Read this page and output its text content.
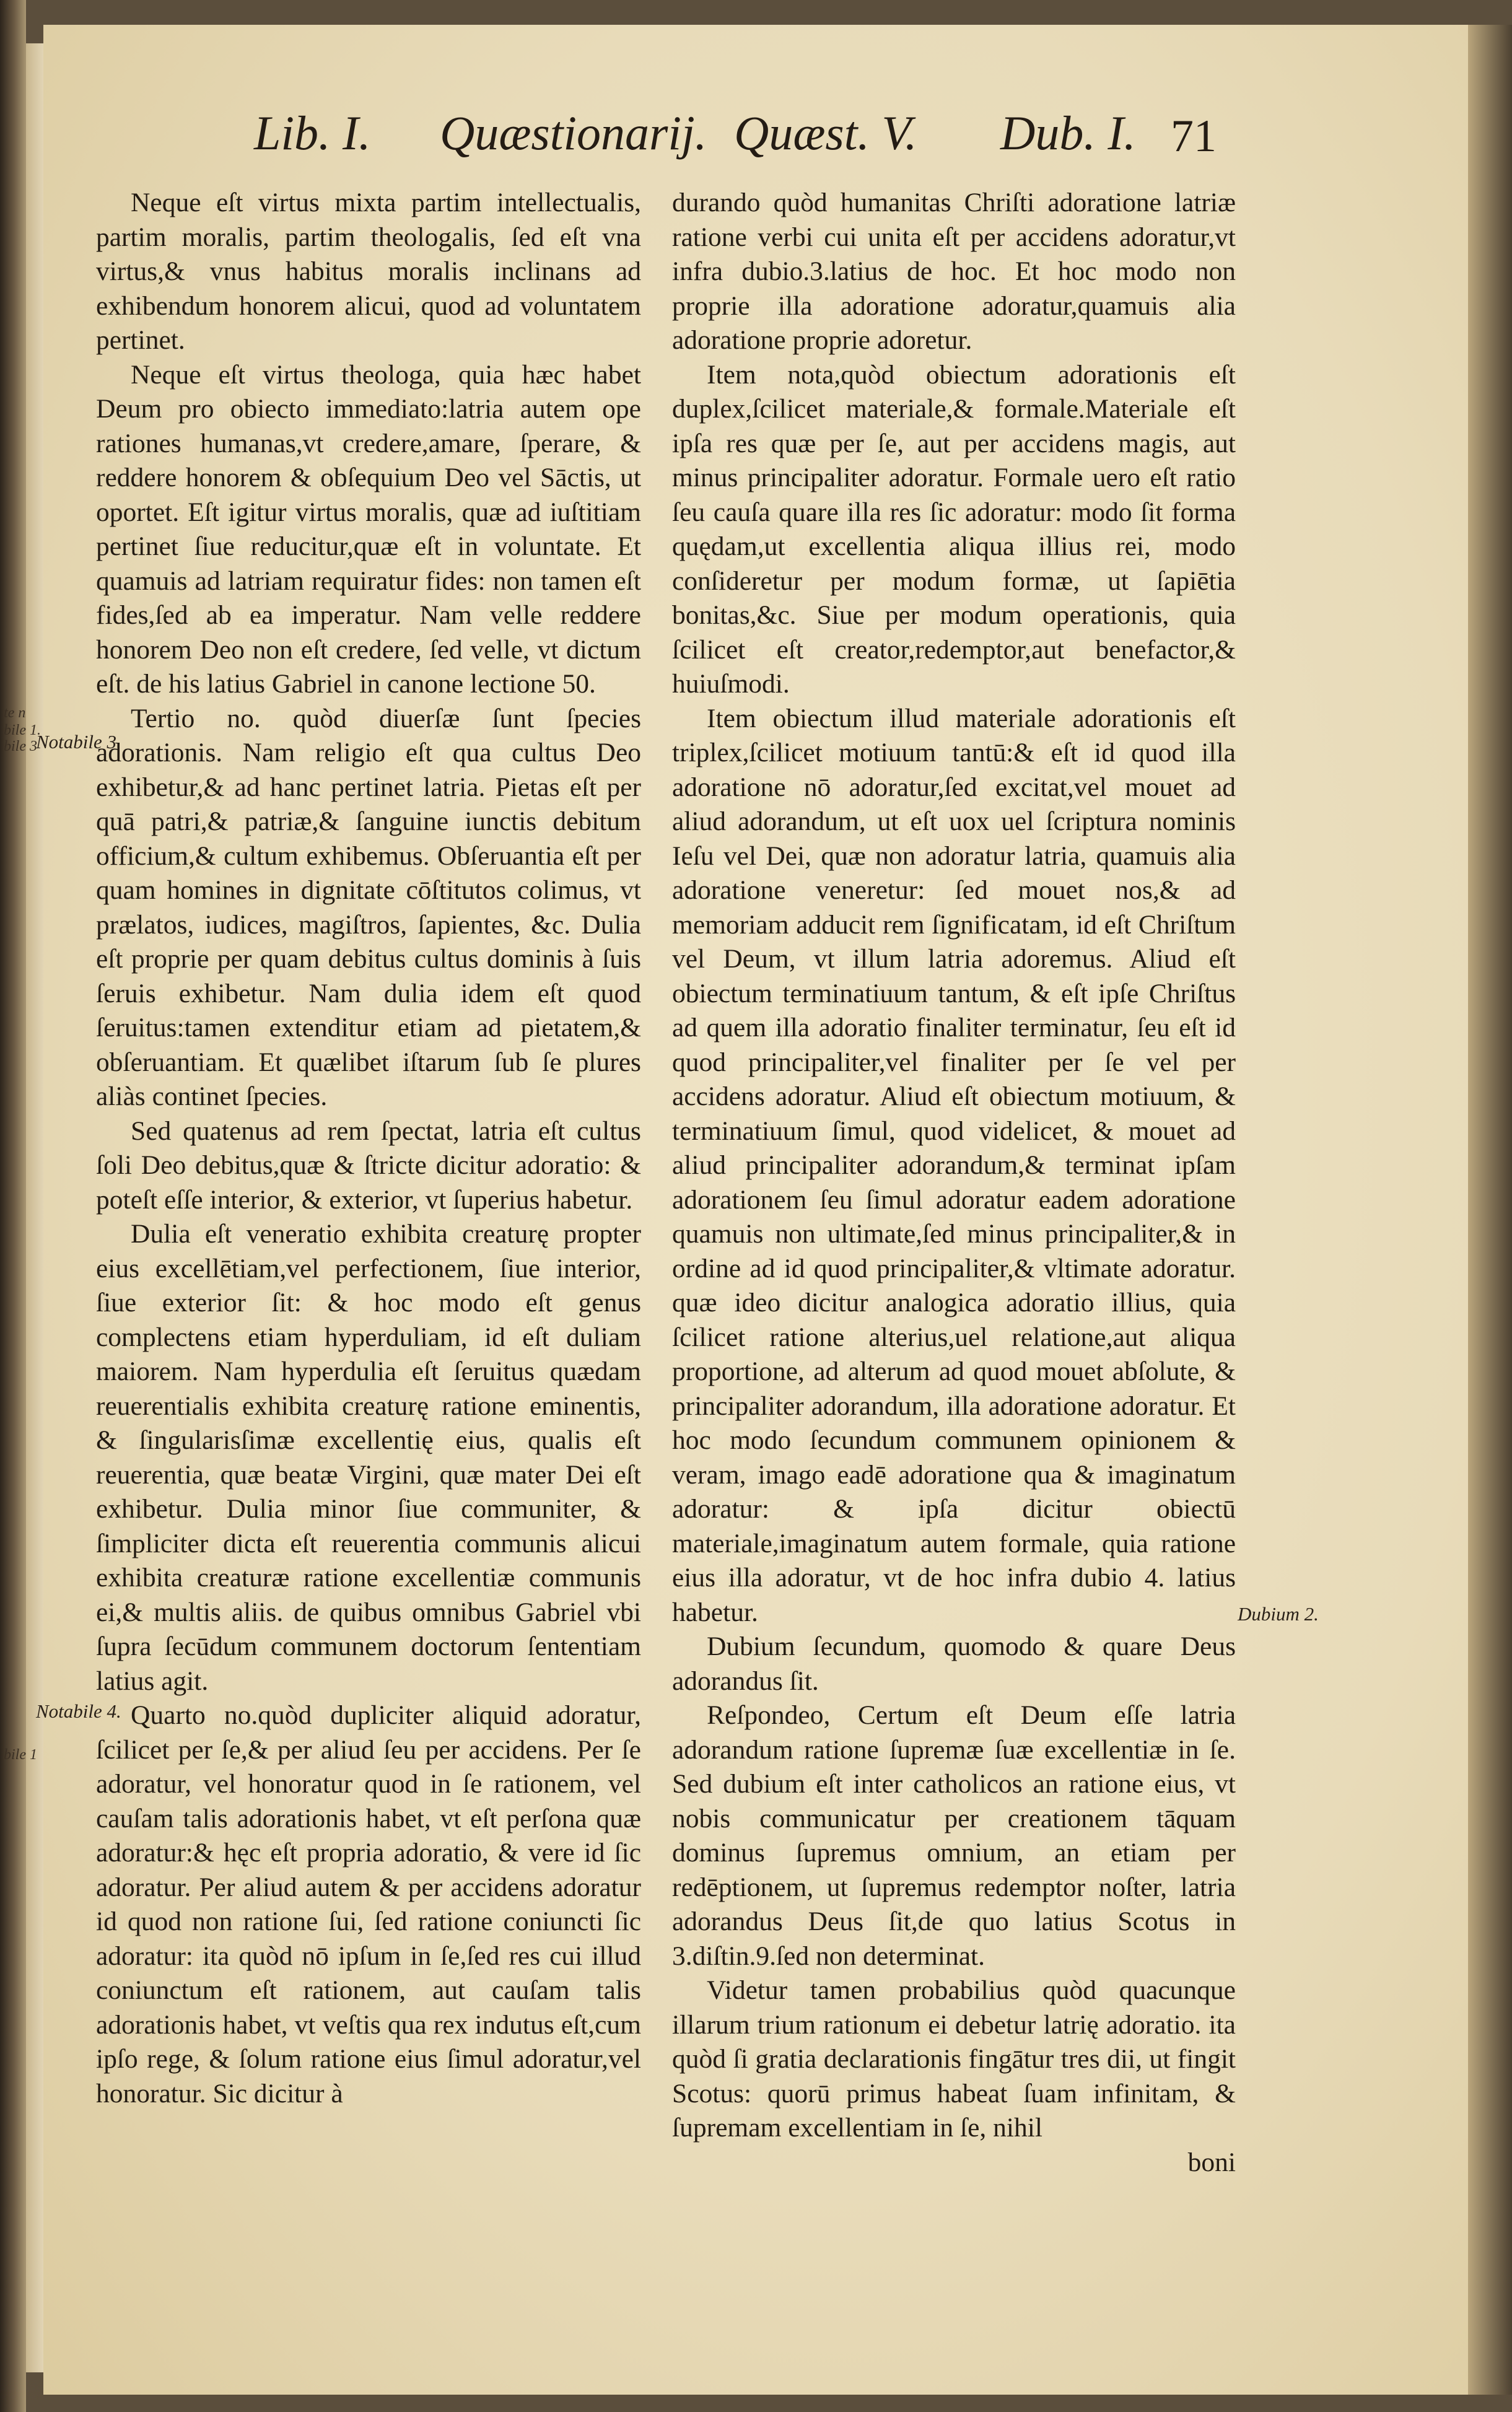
te n
bile 1.
bile 3
bile 1
Lib. I. Quæstionarij. Quæst. V. Dub. I. 71

Neque eſt virtus mixta partim intellectualis, partim moralis, partim theologalis, ſed eſt vna virtus,& vnus habitus moralis inclinans ad exhibendum honorem alicui, quod ad voluntatem pertinet.

Neque eſt virtus theologa, quia hæc habet Deum pro obiecto immediato:latria autem ope rationes humanas,vt credere,amare, ſperare, & reddere honorem & obſequium Deo vel Sāctis, ut oportet. Eſt igitur virtus moralis, quæ ad iuſtitiam pertinet ſiue reducitur,quæ eſt in voluntate. Et quamuis ad latriam requiratur fides: non tamen eſt fides,ſed ab ea imperatur. Nam velle reddere honorem Deo non eſt credere, ſed velle, vt dictum eſt. de his latius Gabriel in canone lectione 50.

Tertio no. quòd diuerſæ ſunt ſpecies adorationis. Nam religio eſt qua cultus Deo exhibetur,& ad hanc pertinet latria. Pietas eſt per quā patri,& patriæ,& ſanguine iunctis debitum officium,& cultum exhibemus. Obſeruantia eſt per quam homines in dignitate cōſtitutos colimus, vt prælatos, iudices, magiſtros, ſapientes, &c. Dulia eſt proprie per quam debitus cultus dominis à ſuis ſeruis exhibetur. Nam dulia idem eſt quod ſeruitus:tamen extenditur etiam ad pietatem,& obſeruantiam. Et quælibet iſtarum ſub ſe plures aliàs continet ſpecies.

Sed quatenus ad rem ſpectat, latria eſt cultus ſoli Deo debitus,quæ & ſtricte dicitur adoratio: & poteſt eſſe interior, & exterior, vt ſuperius habetur.

Dulia eſt veneratio exhibita creaturę propter eius excellētiam,vel perfectionem, ſiue interior, ſiue exterior ſit: & hoc modo eſt genus complectens etiam hyperduliam, id eſt duliam maiorem. Nam hyperdulia eſt ſeruitus quædam reuerentialis exhibita creaturę ratione eminentis, & ſingularisſimæ excellentię eius, qualis eſt reuerentia, quæ beatæ Virgini, quæ mater Dei eſt exhibetur. Dulia minor ſiue communiter, & ſimpliciter dicta eſt reuerentia communis alicui exhibita creaturæ ratione excellentiæ communis ei,& multis aliis. de quibus omnibus Gabriel vbi ſupra ſecūdum communem doctorum ſententiam latius agit.

Quarto no.quòd dupliciter aliquid adoratur, ſcilicet per ſe,& per aliud ſeu per accidens. Per ſe adoratur, vel honoratur quod in ſe rationem, vel cauſam talis adorationis habet, vt eſt perſona quæ adoratur:& hęc eſt propria adoratio, & vere id ſic adoratur. Per aliud autem & per accidens adoratur id quod non ratione ſui, ſed ratione coniuncti ſic adoratur: ita quòd nō ipſum in ſe,ſed res cui illud coniunctum eſt rationem, aut cauſam talis adorationis habet, vt veſtis qua rex indutus eſt,cum ipſo rege, & ſolum ratione eius ſimul adoratur,vel honoratur. Sic dicitur à

durando quòd humanitas Chriſti adoratione latriæ ratione verbi cui unita eſt per accidens adoratur,vt infra dubio.3.latius de hoc. Et hoc modo non proprie illa adoratione adoratur,quamuis alia adoratione proprie adoretur.

Item nota,quòd obiectum adorationis eſt duplex,ſcilicet materiale,& formale.Materiale eſt ipſa res quæ per ſe, aut per accidens magis, aut minus principaliter adoratur. Formale uero eſt ratio ſeu cauſa quare illa res ſic adoratur: modo ſit forma quędam,ut excellentia aliqua illius rei, modo conſideretur per modum formæ, ut ſapiētia bonitas,&c. Siue per modum operationis, quia ſcilicet eſt creator,redemptor,aut benefactor,& huiuſmodi.

Item obiectum illud materiale adorationis eſt triplex,ſcilicet motiuum tantū:& eſt id quod illa adoratione nō adoratur,ſed excitat,vel mouet ad aliud adorandum, ut eſt uox uel ſcriptura nominis Ieſu vel Dei, quæ non adoratur latria, quamuis alia adoratione veneretur: ſed mouet nos,& ad memoriam adducit rem ſignificatam, id eſt Chriſtum vel Deum, vt illum latria adoremus. Aliud eſt obiectum terminatiuum tantum, & eſt ipſe Chriſtus ad quem illa adoratio finaliter terminatur, ſeu eſt id quod principaliter,vel finaliter per ſe vel per accidens adoratur. Aliud eſt obiectum motiuum, & terminatiuum ſimul, quod videlicet, & mouet ad aliud principaliter adorandum,& terminat ipſam adorationem ſeu ſimul adoratur eadem adoratione quamuis non ultimate,ſed minus principaliter,& in ordine ad id quod principaliter,& vltimate adoratur. quæ ideo dicitur analogica adoratio illius, quia ſcilicet ratione alterius,uel relatione,aut aliqua proportione, ad alterum ad quod mouet abſolute, & principaliter adorandum, illa adoratione adoratur. Et hoc modo ſecundum communem opinionem & veram, imago eadē adoratione qua & imaginatum adoratur: & ipſa dicitur obiectū materiale,imaginatum autem formale, quia ratione eius illa adoratur, vt de hoc infra dubio 4. latius habetur.

Dubium ſecundum, quomodo & quare Deus adorandus ſit.

Reſpondeo, Certum eſt Deum eſſe latria adorandum ratione ſupremæ ſuæ excellentiæ in ſe. Sed dubium eſt inter catholicos an ratione eius, vt nobis communicatur per creationem tāquam dominus ſupremus omnium, an etiam per redēptionem, ut ſupremus redemptor noſter, latria adorandus Deus ſit,de quo latius Scotus in 3.diſtin.9.ſed non determinat.

Videtur tamen probabilius quòd quacunque illarum trium rationum ei debetur latrię adoratio. ita quòd ſi gratia declarationis fingātur tres dii, ut fingit Scotus: quorū primus habeat ſuam infinitam, & ſupremam excellentiam in ſe, nihil

boni

Notabile 3
Notabile 4.
Dubium 2.
